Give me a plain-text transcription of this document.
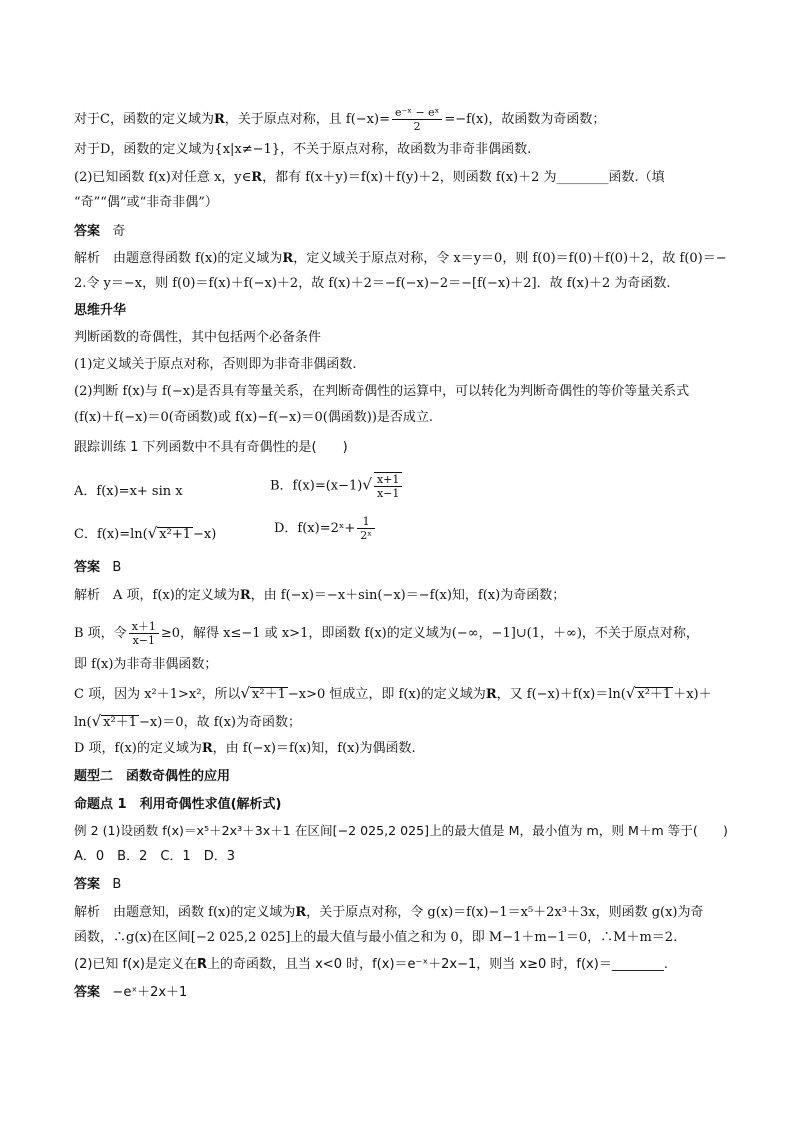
对于C，函数的定义域为R，关于原点对称，且 $f(-x)= \frac{\text{e⁻ˣ − eˣ}}{2} =-f(x)$，故函数为奇函数；
对于D，函数的定义域为{x|x≠−1}，不关于原点对称，故函数为非奇非偶函数.
(2)已知函数 f(x)对任意 x，y∈R，都有 f(x＋y)＝f(x)＋f(y)＋2，则函数 f(x)＋2 为________函数.（填
“奇”“偶”或“非奇非偶”）
答案 奇
解析　由题意得函数 f(x)的定义域为R，定义域关于原点对称，令 x＝y＝0，则 f(0)＝f(0)＋f(0)＋2，故 f(0)＝−
2.令 y＝−x，则 f(0)＝f(x)＋f(−x)＋2，故 f(x)＋2＝−f(−x)−2＝−[f(−x)＋2]．故 f(x)＋2 为奇函数.
思维升华
判断函数的奇偶性，其中包括两个必备条件
(1)定义域关于原点对称，否则即为非奇非偶函数.
(2)判断 f(x)与 f(−x)是否具有等量关系，在判断奇偶性的运算中，可以转化为判断奇偶性的等价等量关系式
(f(x)＋f(−x)＝0(奇函数)或 f(x)−f(−x)＝0(偶函数))是否成立.
跟踪训练 1 下列函数中不具有奇偶性的是(　　)
A．f(x)=x+ sin x	B．$f(x)=(x-1)√ \frac{x+1}{x-1}$
C．f(x)=ln(√ x²+1 −x)	D．f(x)=2ˣ+ $\frac{1}{\text{2ˣ}}$
答案 B
解析　A 项，f(x)的定义域为R，由 f(−x)＝−x＋sin(−x)＝−f(x)知，f(x)为奇函数；
B 项，令 $\frac{x+1}{x-1} \ge 0$，解得 x≤−1 或 x>1，即函数 f(x)的定义域为(−∞，−1]∪(1，＋∞)，不关于原点对称，
即 f(x)为非奇非偶函数；
C 项，因为 x²＋1>x²，所以√ x²＋1 −x>0 恒成立，即 f(x)的定义域为R，又 f(−x)＋f(x)＝ln(√ x²＋1 ＋x)＋
ln(√ x²＋1 −x)＝0，故 f(x)为奇函数；
D 项，f(x)的定义域为R，由 f(−x)＝f(x)知，f(x)为偶函数.
题型二　函数奇偶性的应用
命题点 1　利用奇偶性求值(解析式)
例 2 (1)设函数 f(x)＝x⁵＋2x³＋3x＋1 在区间[−2 025,2 025]上的最大值是 M，最小值为 m，则 M＋m 等于(　　)
A．0　B．2　C．1　D．3
答案 B
解析　由题意知，函数 f(x)的定义域为R，关于原点对称，令 g(x)＝f(x)−1＝x⁵＋2x³＋3x，则函数 g(x)为奇
函数，∴g(x)在区间[−2 025,2 025]上的最大值与最小值之和为 0，即 M−1＋m−1＝0，∴M＋m＝2.
(2)已知 f(x)是定义在R上的奇函数，且当 x<0 时，f(x)＝e⁻ˣ＋2x−1，则当 x≥0 时，f(x)＝________.
答案 −eˣ＋2x＋1
